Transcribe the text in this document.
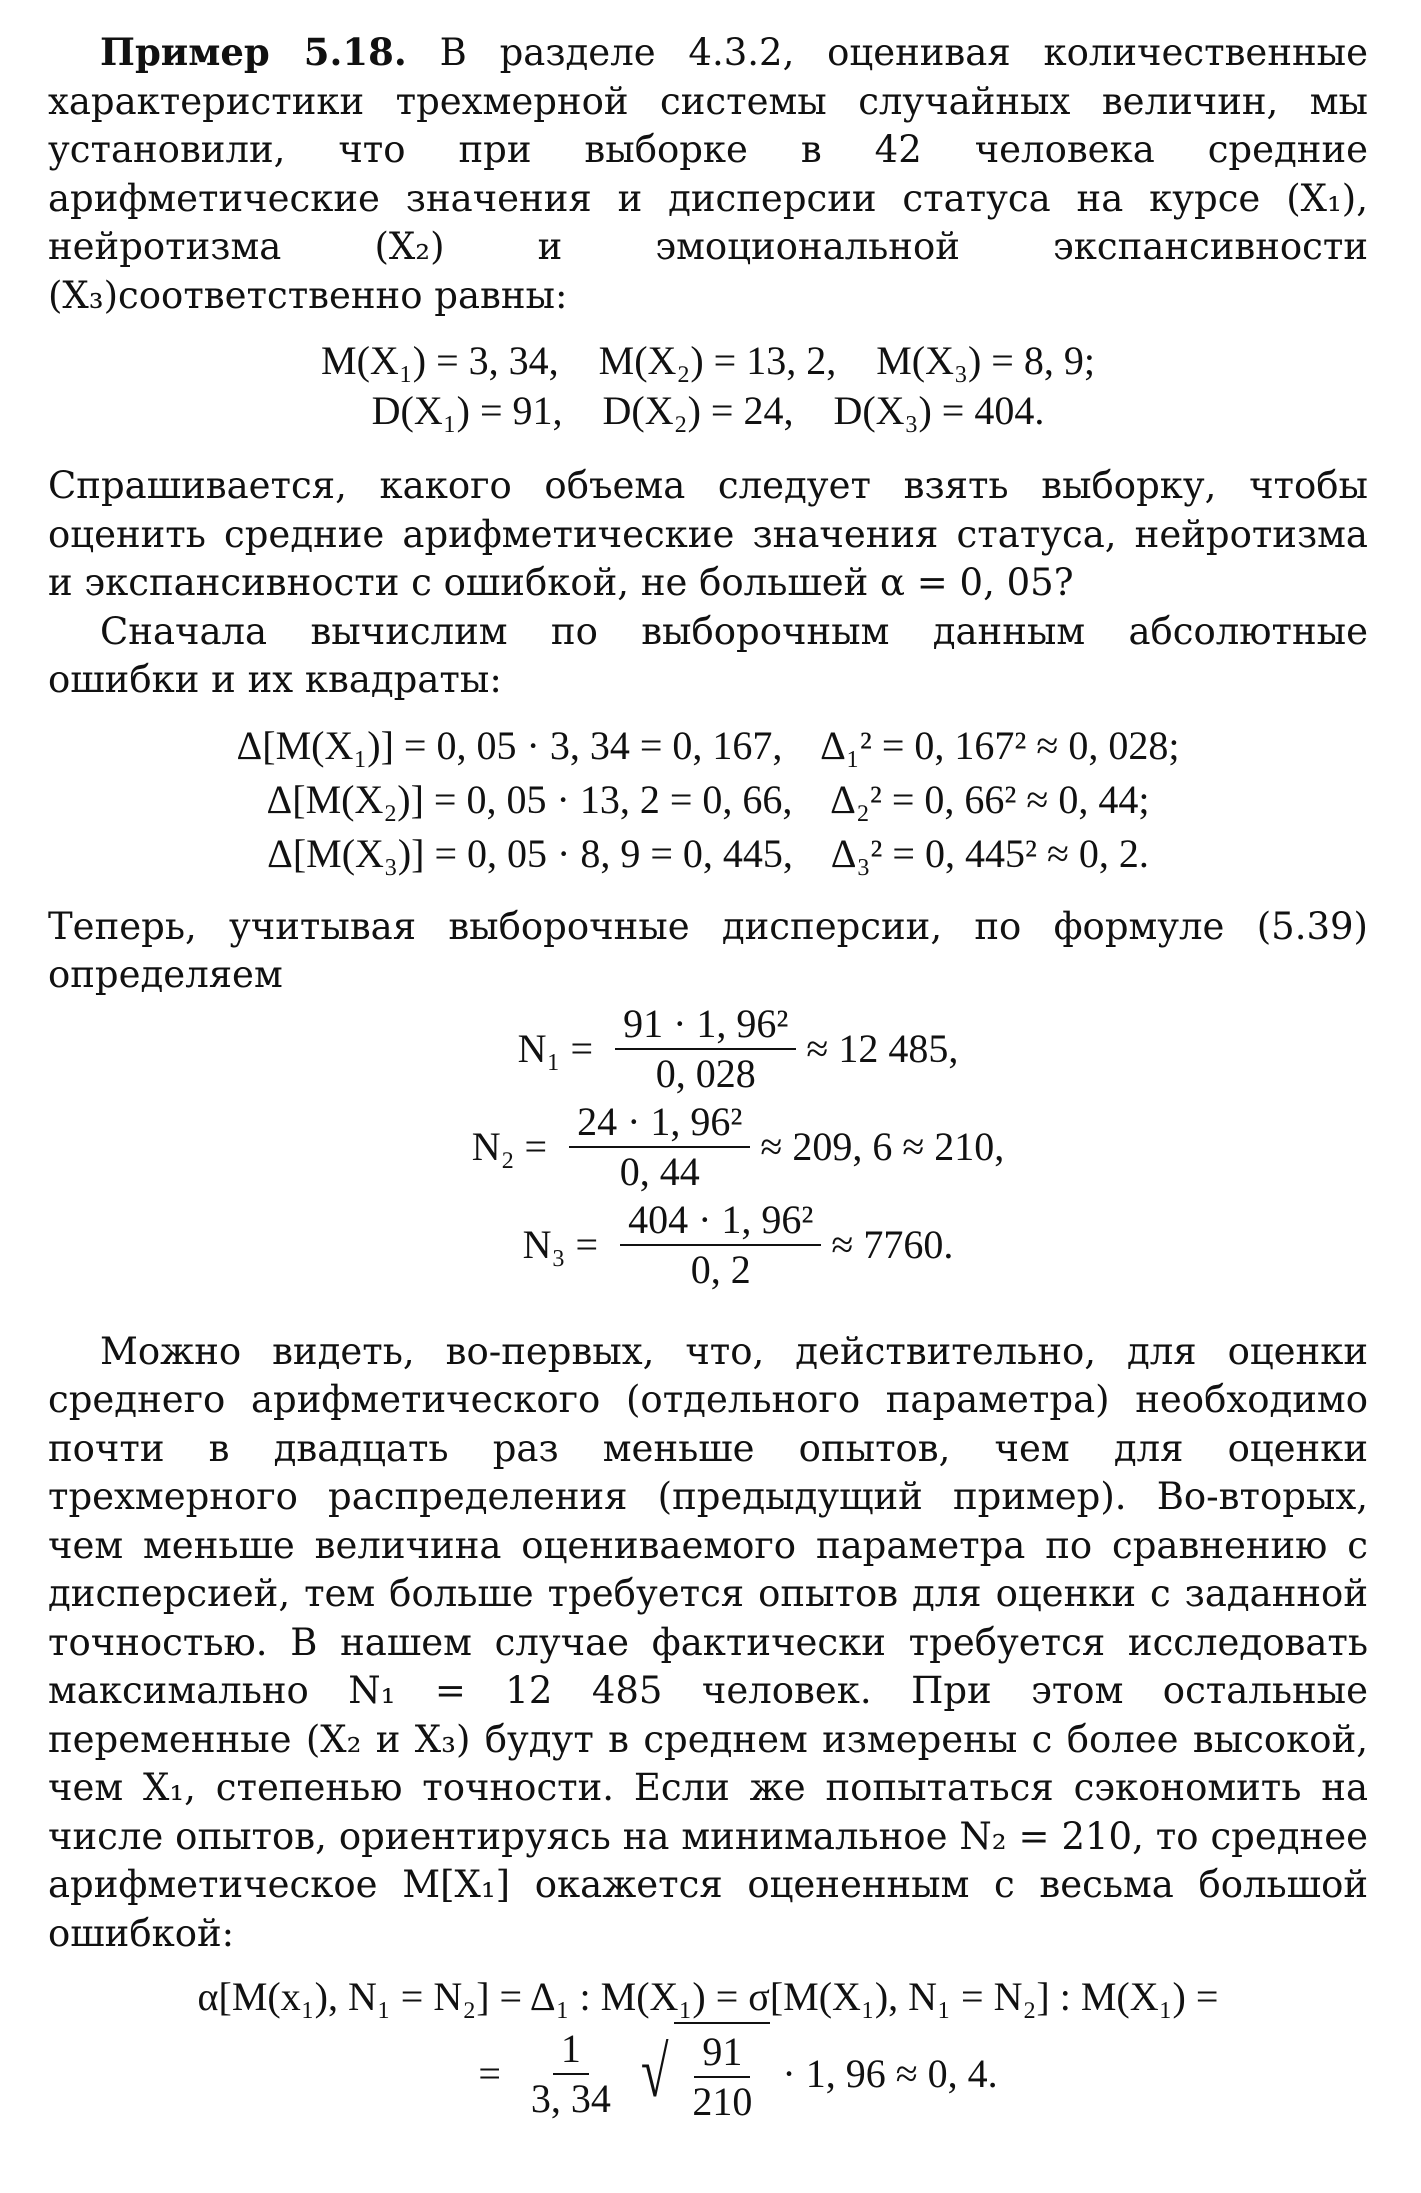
Пример 5.18. В разделе 4.3.2, оценивая количественные характеристики трехмерной системы случайных величин, мы установили, что при выборке в 42 человека средние арифметические значения и дисперсии статуса на курсе (X₁), нейротизма (X₂) и эмоциональной экспансивности (X₃)соответственно равны:

M(X₁) = 3, 34,    M(X₂) = 13, 2,    M(X₃) = 8, 9;
D(X₁) = 91,    D(X₂) = 24,    D(X₃) = 404.

Спрашивается, какого объема следует взять выборку, чтобы оценить средние арифметические значения статуса, нейротизма и экспансивности с ошибкой, не большей α = 0, 05?

Сначала вычислим по выборочным данным абсолютные ошибки и их квадраты:

Δ[M(X₁)] = 0, 05 · 3, 34 = 0, 167,    Δ₁² = 0, 167² ≈ 0, 028;
Δ[M(X₂)] = 0, 05 · 13, 2 = 0, 66,    Δ₂² = 0, 66² ≈ 0, 44;
Δ[M(X₃)] = 0, 05 · 8, 9 = 0, 445,    Δ₃² = 0, 445² ≈ 0, 2.

Теперь, учитывая выборочные дисперсии, по формуле (5.39) определяем

$N_1 = \frac{\text{91 · 1, 96²}}{0, 028} \approx 12$ 485,
$N_2 = \frac{\text{24 · 1, 96²}}{0, 44} \approx 209$, 6 ≈ 210,
$N_3 = \frac{\text{404 · 1, 96²}}{0, 2} \approx 7760$.

Можно видеть, во-первых, что, действительно, для оценки среднего арифметического (отдельного параметра) необходимо почти в двадцать раз меньше опытов, чем для оценки трехмерного распределения (предыдущий пример). Во-вторых, чем меньше величина оцениваемого параметра по сравнению с дисперсией, тем больше требуется опытов для оценки с заданной точностью. В нашем случае фактически требуется исследовать максимально N₁ = 12 485 человек. При этом остальные переменные (X₂ и X₃) будут в среднем измерены с более высокой, чем X₁, степенью точности. Если же попытаться сэкономить на числе опытов, ориентируясь на минимальное N₂ = 210, то среднее арифметическое M[X₁] окажется оцененным с весьма большой ошибкой:

α[M(x₁), N₁ = N₂] = Δ₁ : M(X₁) = σ[M(X₁), N₁ = N₂] : M(X₁) =
= $\frac{1}{3, 34}$ √ $\frac{91}{210} \cdot 1$, 96 ≈ 0, 4.
